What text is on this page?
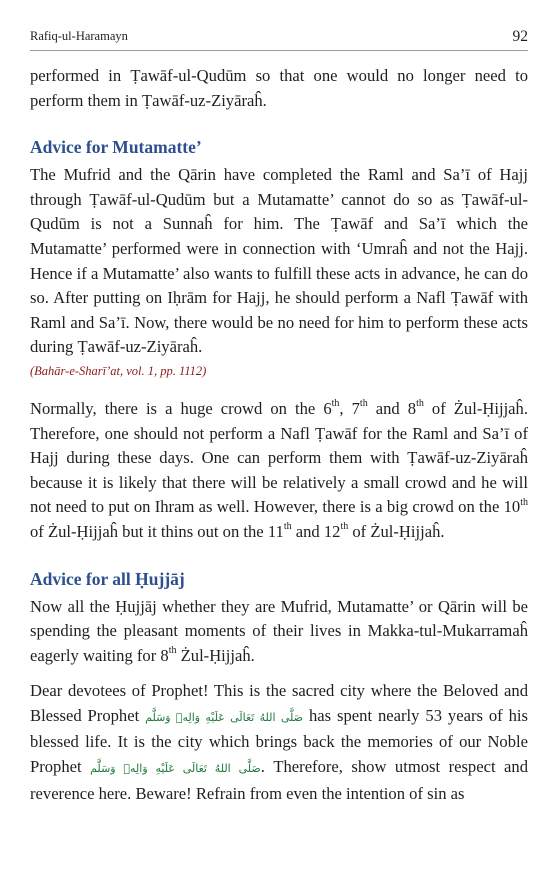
Rafiq-ul-Haramayn	92

performed in Ṭawāf-ul-Qudūm so that one would no longer need to perform them in Ṭawāf-uz-Ziyāraĥ.

Advice for Mutamatte’

The Mufrid and the Qārin have completed the Raml and Sa’ī of Hajj through Ṭawāf-ul-Qudūm but a Mutamatte’ cannot do so as Ṭawāf-ul-Qudūm is not a Sunnaĥ for him. The Ṭawāf and Sa’ī which the Mutamatte’ performed were in connection with ‘Umraĥ and not the Hajj. Hence if a Mutamatte’ also wants to fulfill these acts in advance, he can do so. After putting on Iḥrām for Hajj, he should perform a Nafl Ṭawāf with Raml and Sa’ī. Now, there would be no need for him to perform these acts during Ṭawāf-uz-Ziyāraĥ.

(Bahār-e-Sharī’at, vol. 1, pp. 1112)

Normally, there is a huge crowd on the 6th, 7th and 8th of Żul-Ḥijjaĥ. Therefore, one should not perform a Nafl Ṭawāf for the Raml and Sa’ī of Hajj during these days. One can perform them with Ṭawāf-uz-Ziyāraĥ because it is likely that there will be relatively a small crowd and he will not need to put on Ihram as well. However, there is a big crowd on the 10th of Żul-Ḥijjaĥ but it thins out on the 11th and 12th of Żul-Ḥijjaĥ.

Advice for all Ḥujjāj

Now all the Ḥujjāj whether they are Mufrid, Mutamatte’ or Qārin will be spending the pleasant moments of their lives in Makka-tul-Mukarramaĥ eagerly waiting for 8th Żul-Ḥijjaĥ.

Dear devotees of Prophet! This is the sacred city where the Beloved and Blessed Prophet صَلَّى اللهُ تَعَالَى عَلَيْهِ وَالِهٖ وَسَلَّم has spent nearly 53 years of his blessed life. It is the city which brings back the memories of our Noble Prophet صَلَّى اللهُ تَعَالَى عَلَيْهِ وَالِهٖ وَسَلَّم. Therefore, show utmost respect and reverence here. Beware! Refrain from even the intention of sin as
